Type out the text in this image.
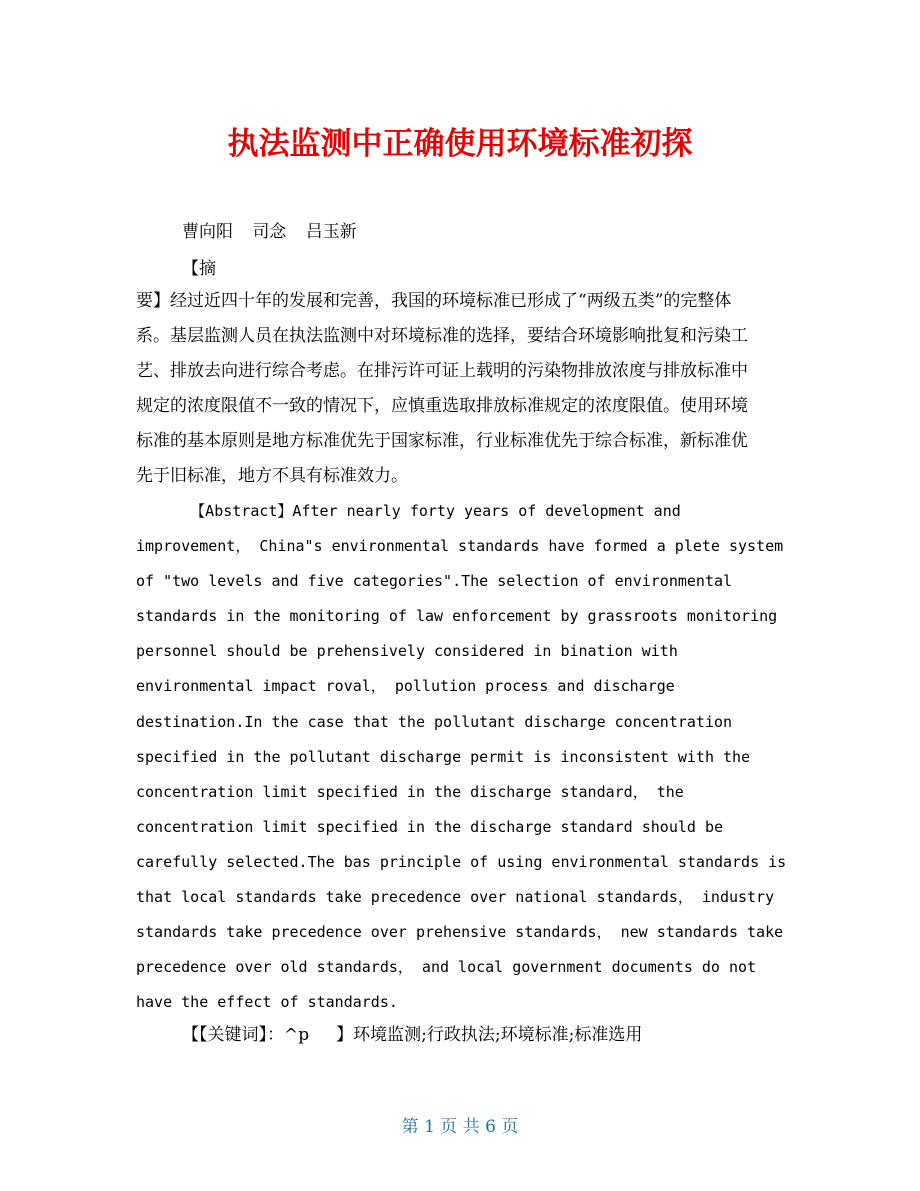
执法监测中正确使用环境标准初探
曹向阳 司念 吕玉新
【摘
要】经过近四十年的发展和完善，我国的环境标准已形成了“两级五类”的完整体
系。基层监测人员在执法监测中对环境标准的选择，要结合环境影响批复和污染工
艺、排放去向进行综合考虑。在排污许可证上载明的污染物排放浓度与排放标准中
规定的浓度限值不一致的情况下，应慎重选取排放标准规定的浓度限值。使用环境
标准的基本原则是地方标准优先于国家标准，行业标准优先于综合标准，新标准优
先于旧标准，地方不具有标准效力。
【Abstract】After nearly forty years of development and
improvement， China"s environmental standards have formed a plete system
of "two levels and five categories".The selection of environmental
standards in the monitoring of law enforcement by grassroots monitoring
personnel should be prehensively considered in bination with
environmental impact roval， pollution process and discharge
destination.In the case that the pollutant discharge concentration
specified in the pollutant discharge permit is inconsistent with the
concentration limit specified in the discharge standard， the
concentration limit specified in the discharge standard should be
carefully selected.The bas principle of using environmental standards is
that local standards take precedence over national standards， industry
standards take precedence over prehensive standards， new standards take
precedence over old standards， and local government documents do not
have the effect of standards.
【【关键词】：^p     】环境监测;行政执法;环境标准;标准选用
第 1 页 共 6 页
